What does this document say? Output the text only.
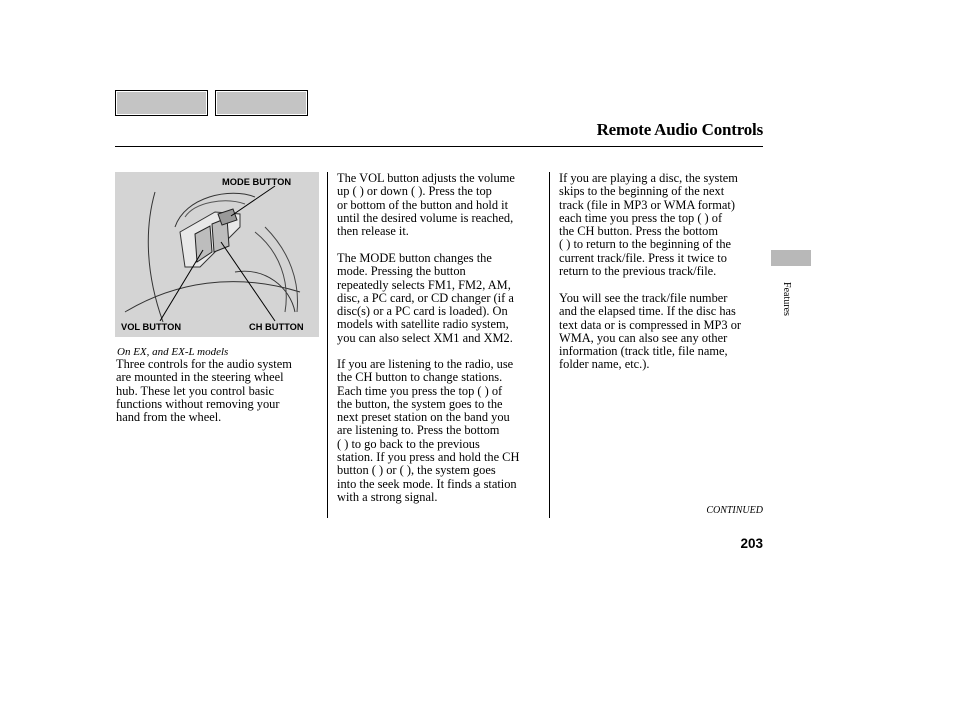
Remote Audio Controls
MODE BUTTON
VOL BUTTON	CH BUTTON
On EX, and EX-L models
Three controls for the audio system
are mounted in the steering wheel
hub. These let you control basic
functions without removing your
hand from the wheel.
The VOL button adjusts the volume
up ( ) or down ( ). Press the top
or bottom of the button and hold it
until the desired volume is reached,
then release it.
The MODE button changes the
mode. Pressing the button
repeatedly selects FM1, FM2, AM,
disc, a PC card, or CD changer (if a
disc(s) or a PC card is loaded). On
models with satellite radio system,
you can also select XM1 and XM2.
If you are listening to the radio, use
the CH button to change stations.
Each time you press the top ( ) of
the button, the system goes to the
next preset station on the band you
are listening to. Press the bottom
( ) to go back to the previous
station. If you press and hold the CH
button ( ) or ( ), the system goes
into the seek mode. It finds a station
with a strong signal.
If you are playing a disc, the system
skips to the beginning of the next
track (file in MP3 or WMA format)
each time you press the top ( ) of
the CH button. Press the bottom
( ) to return to the beginning of the
current track/file. Press it twice to
return to the previous track/file.
You will see the track/file number
and the elapsed time. If the disc has
text data or is compressed in MP3 or
WMA, you can also see any other
information (track title, file name,
folder name, etc.).
CONTINUED
203
Features
